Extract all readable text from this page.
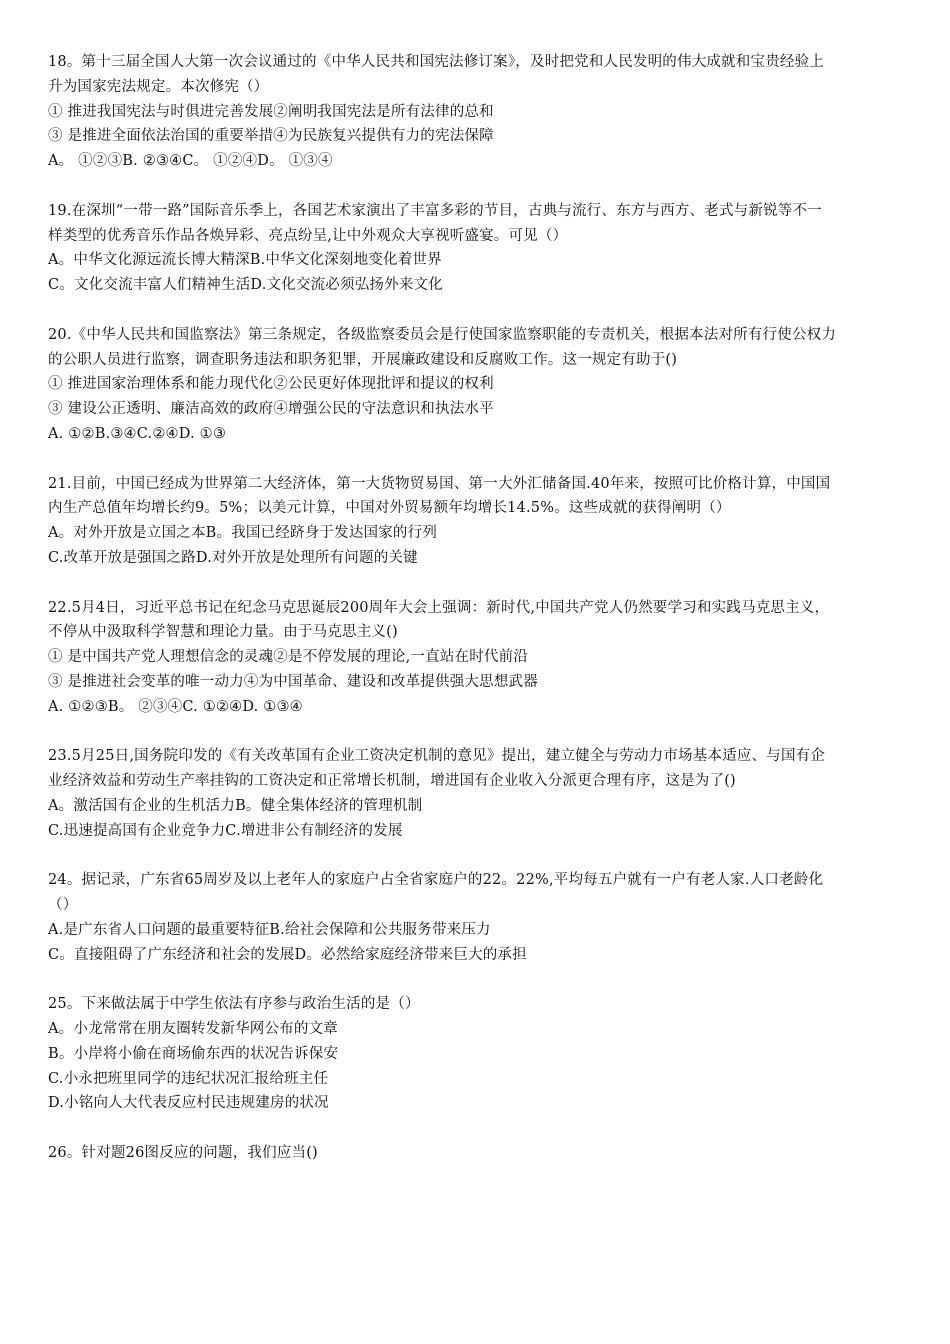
18。第十三届全国人大第一次会议通过的《中华人民共和国宪法修订案》，及时把党和人民发明的伟大成就和宝贵经验上
升为国家宪法规定。本次修宪（）
① 推进我国宪法与时俱进完善发展②阐明我国宪法是所有法律的总和
③ 是推进全面依法治国的重要举措④为民族复兴提供有力的宪法保障
A。 ①②③B. ②③④C。 ①②④D。 ①③④
19.在深圳“一带一路”国际音乐季上，各国艺术家演出了丰富多彩的节目，古典与流行、东方与西方、老式与新锐等不一
样类型的优秀音乐作品各焕异彩、亮点纷呈,让中外观众大享视听盛宴。可见（）
A。中华文化源远流长博大精深B.中华文化深刻地变化着世界
C。文化交流丰富人们精神生活D.文化交流必须弘扬外来文化
20.《中华人民共和国监察法》第三条规定，各级监察委员会是行使国家监察职能的专责机关，根据本法对所有行使公权力
的公职人员进行监察，调查职务违法和职务犯罪，开展廉政建设和反腐败工作。这一规定有助于()
① 推进国家治理体系和能力现代化②公民更好体现批评和提议的权利
③ 建设公正透明、廉洁高效的政府④增强公民的守法意识和执法水平
A. ①②B.③④C.②④D. ①③
21.目前，中国已经成为世界第二大经济体，第一大货物贸易国、第一大外汇储备国.40年来，按照可比价格计算，中国国
内生产总值年均增长约9。5%；以美元计算，中国对外贸易额年均增长14.5%。这些成就的获得阐明（）
A。对外开放是立国之本B。我国已经跻身于发达国家的行列
C.改革开放是强国之路D.对外开放是处理所有问题的关键
22.5月4日，习近平总书记在纪念马克思诞辰200周年大会上强调：新时代,中国共产党人仍然要学习和实践马克思主义，
不停从中汲取科学智慧和理论力量。由于马克思主义()
① 是中国共产党人理想信念的灵魂②是不停发展的理论,一直站在时代前沿
③ 是推进社会变革的唯一动力④为中国革命、建设和改革提供强大思想武器
A. ①②③B。 ②③④C. ①②④D. ①③④
23.5月25日,国务院印发的《有关改革国有企业工资决定机制的意见》提出，建立健全与劳动力市场基本适应、与国有企
业经济效益和劳动生产率挂钩的工资决定和正常增长机制，增进国有企业收入分派更合理有序，这是为了()
A。激活国有企业的生机活力B。健全集体经济的管理机制
C.迅速提高国有企业竞争力C.增进非公有制经济的发展
24。据记录，广东省65周岁及以上老年人的家庭户占全省家庭户的22。22%,平均每五户就有一户有老人家.人口老龄化
（）
A.是广东省人口问题的最重要特征B.给社会保障和公共服务带来压力
C。直接阻碍了广东经济和社会的发展D。必然给家庭经济带来巨大的承担
25。下来做法属于中学生依法有序参与政治生活的是（）
A。小龙常常在朋友圈转发新华网公布的文章
B。小岸将小偷在商场偷东西的状况告诉保安
C.小永把班里同学的违纪状况汇报给班主任
D.小铭向人大代表反应村民违规建房的状况
26。针对题26图反应的问题，我们应当()
